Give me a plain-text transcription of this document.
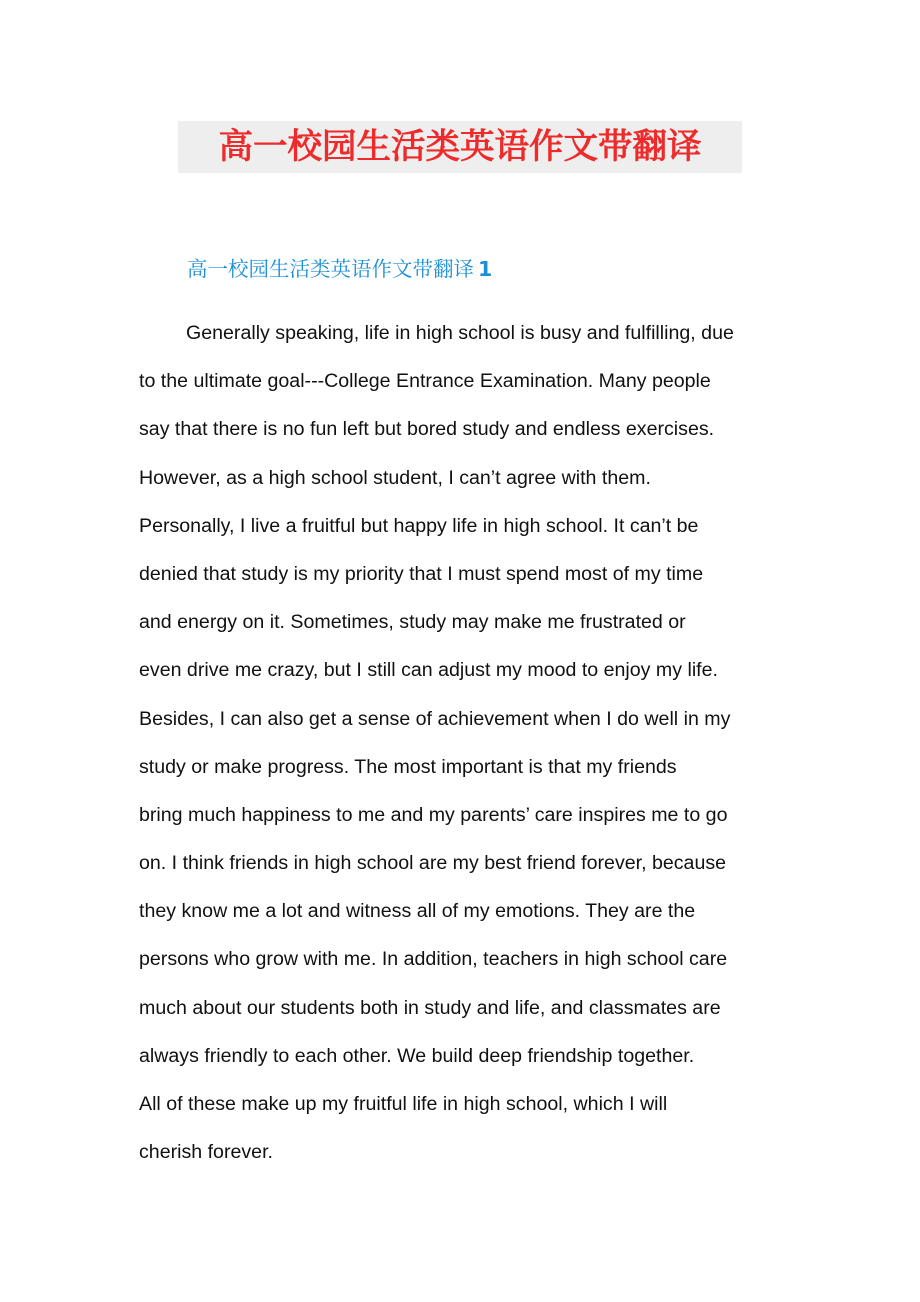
高一校园生活类英语作文带翻译
高一校园生活类英语作文带翻译 1
Generally speaking, life in high school is busy and fulfilling, due
to the ultimate goal---College Entrance Examination. Many people
say that there is no fun left but bored study and endless exercises.
However, as a high school student, I can’t agree with them.
Personally, I live a fruitful but happy life in high school. It can’t be
denied that study is my priority that I must spend most of my time
and energy on it. Sometimes, study may make me frustrated or
even drive me crazy, but I still can adjust my mood to enjoy my life.
Besides, I can also get a sense of achievement when I do well in my
study or make progress. The most important is that my friends
bring much happiness to me and my parents’ care inspires me to go
on. I think friends in high school are my best friend forever, because
they know me a lot and witness all of my emotions. They are the
persons who grow with me. In addition, teachers in high school care
much about our students both in study and life, and classmates are
always friendly to each other. We build deep friendship together.
All of these make up my fruitful life in high school, which I will
cherish forever.
